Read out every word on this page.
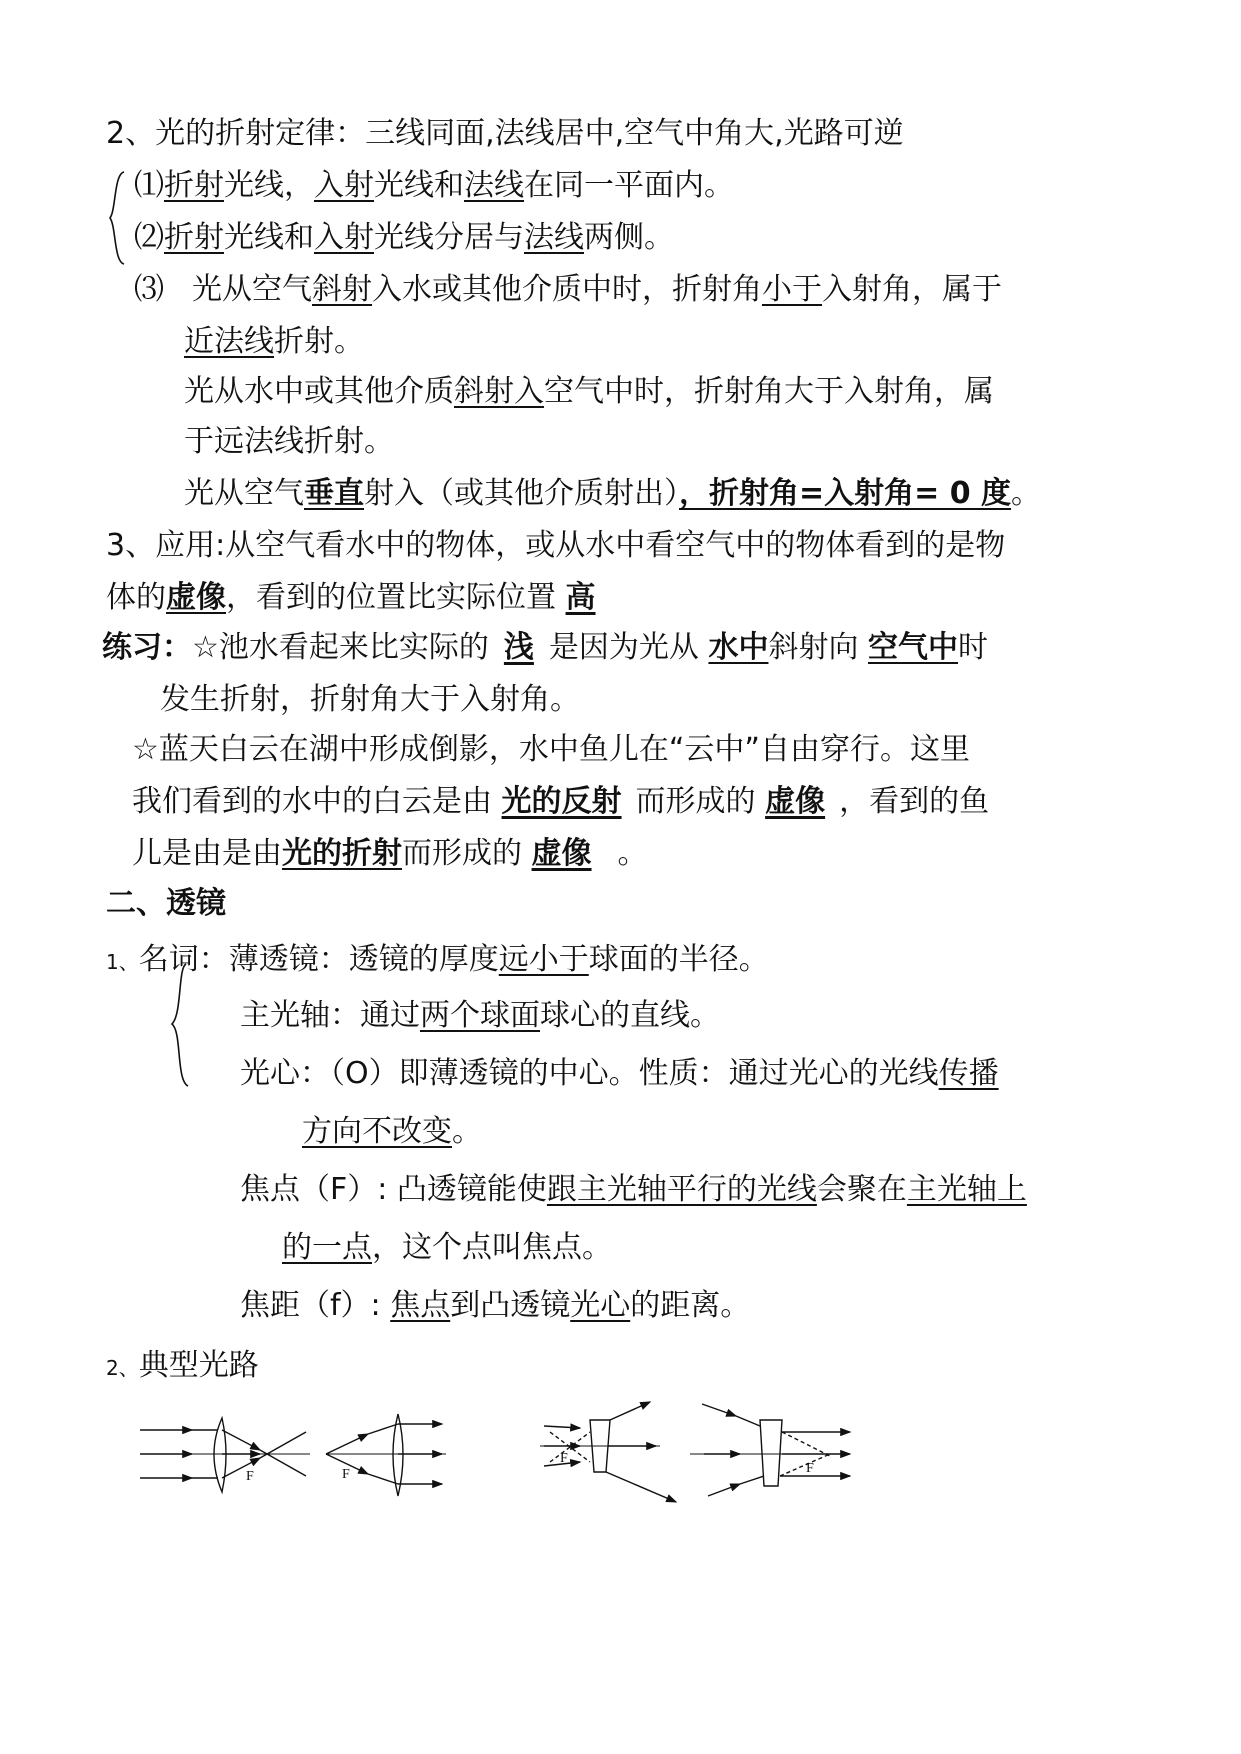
2、光的折射定律：三线同面,法线居中,空气中角大,光路可逆
⑴折射光线，入射光线和法线在同一平面内。
⑵折射光线和入射光线分居与法线两侧。
⑶ 光从空气斜射入水或其他介质中时，折射角小于入射角，属于
近法线折射。
光从水中或其他介质斜射入空气中时，折射角大于入射角，属
于远法线折射。
光从空气垂直射入（或其他介质射出），折射角=入射角= 0 度。
3、应用:从空气看水中的物体，或从水中看空气中的物体看到的是物
体的虚像，看到的位置比实际位置 高
练习：☆池水看起来比实际的 浅 是因为光从 水中斜射向 空气中时
发生折射，折射角大于入射角。
☆蓝天白云在湖中形成倒影，水中鱼儿在“云中”自由穿行。这里
我们看到的水中的白云是由 光的反射 而形成的 虚像 ，看到的鱼
儿是由是由光的折射而形成的 虚像 。
二、透镜
1、名词：薄透镜：透镜的厚度远小于球面的半径。
主光轴：通过两个球面球心的直线。
光心：（O）即薄透镜的中心。性质：通过光心的光线传播
方向不改变。
焦点（F）: 凸透镜能使跟主光轴平行的光线会聚在主光轴上
的一点，这个点叫焦点。
焦距（f）: 焦点到凸透镜光心的距离。
2、典型光路
F	F
F
F
